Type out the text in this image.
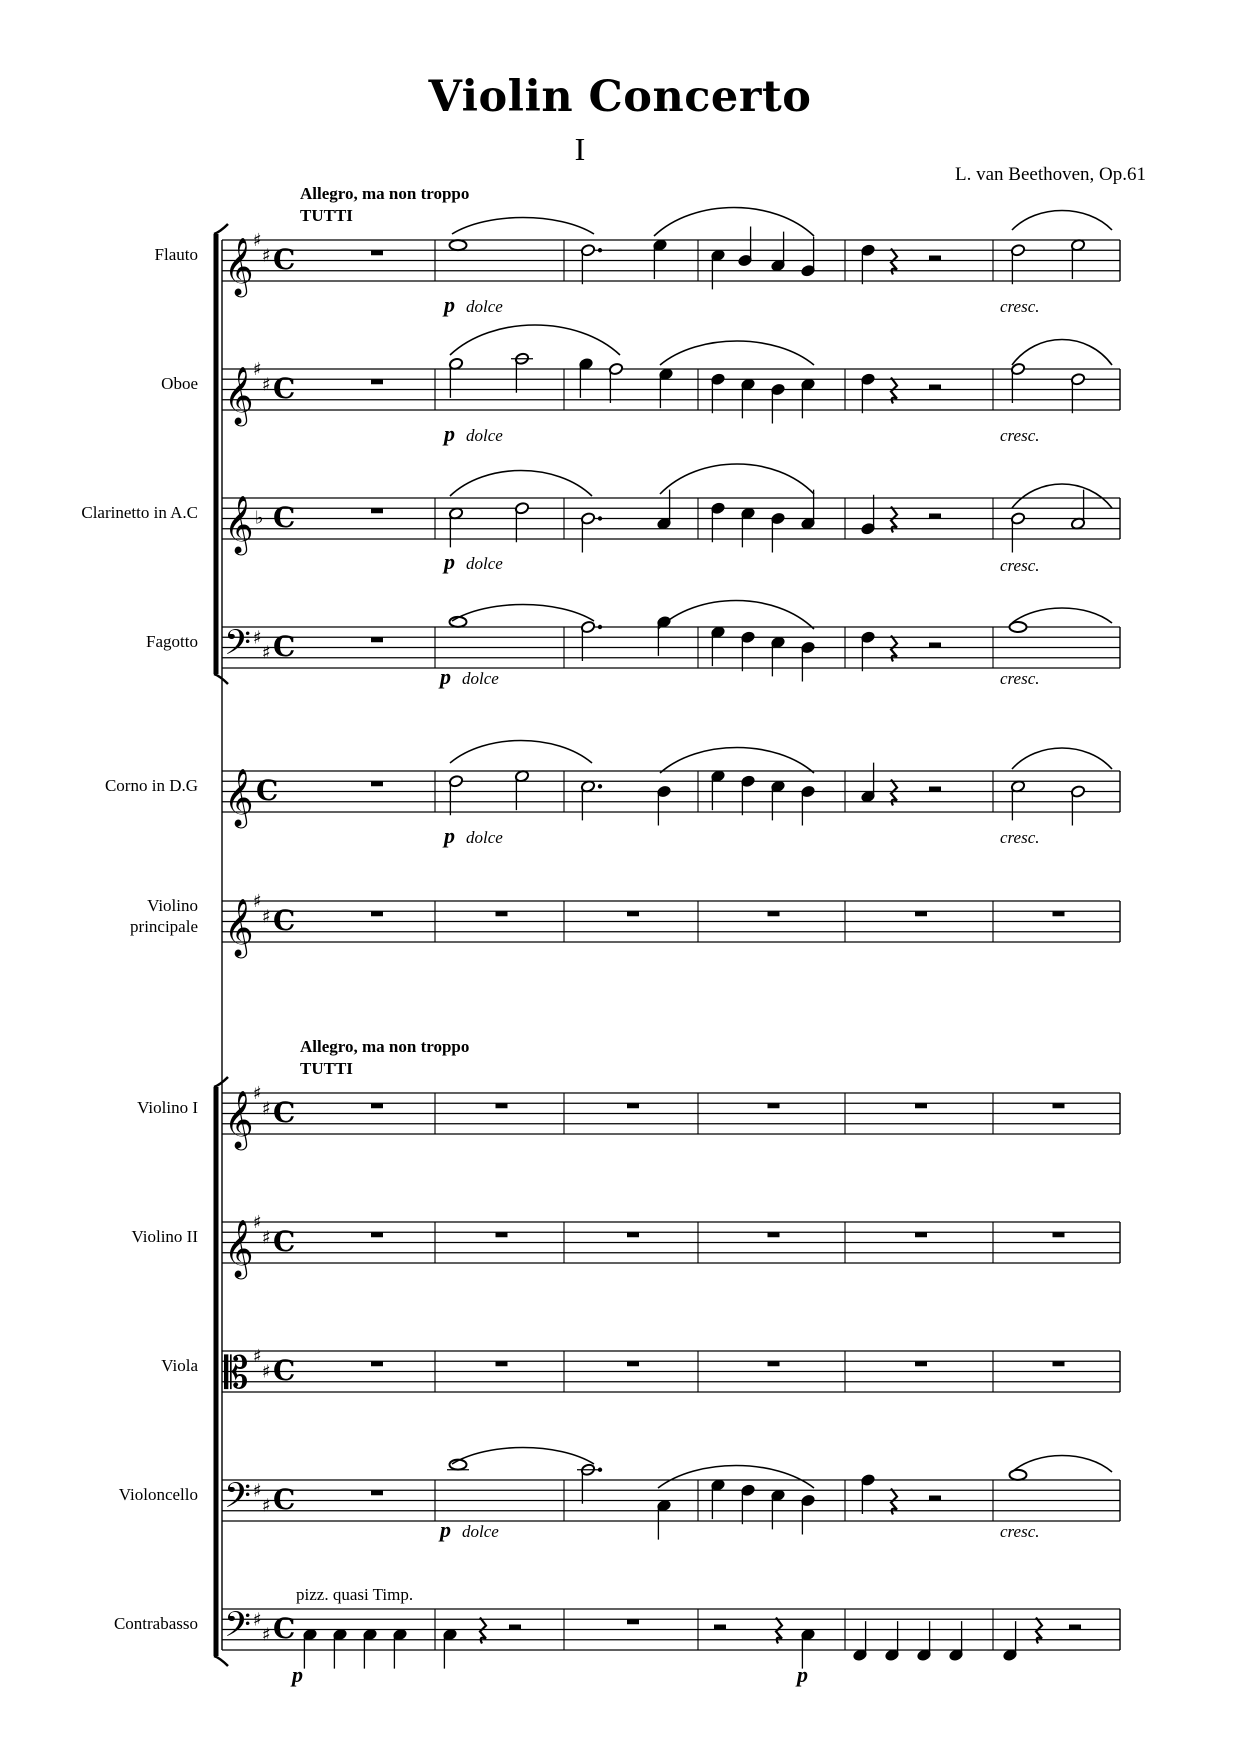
Violin Concerto
I
L. van Beethoven, Op.61
Allegro, ma non troppo
TUTTI
Allegro, ma non troppo
TUTTI
Flauto
Oboe
Clarinetto in A.C
Fagotto
Corno in D.G
Violino
principale
Violino I
Violino II
Viola
Violoncello
Contrabasso
pizz. quasi Timp.
𝄞 ♯
♯ C
𝄞 ♯
♯ C
𝄞 ♭ C
𝄢 ♯
♯ C
𝄞 C
𝄞 ♯
♯ C
𝄞 ♯
♯ C
𝄞 ♯
♯ C
𝄡 ♯
♯ C
𝄢 ♯
♯ C
𝄢 ♯
♯ C
p dolce	cresc.
p dolce	cresc.
p dolce	cresc.
p dolce	cresc.
p dolce	cresc.
p dolce	cresc.
p	p
